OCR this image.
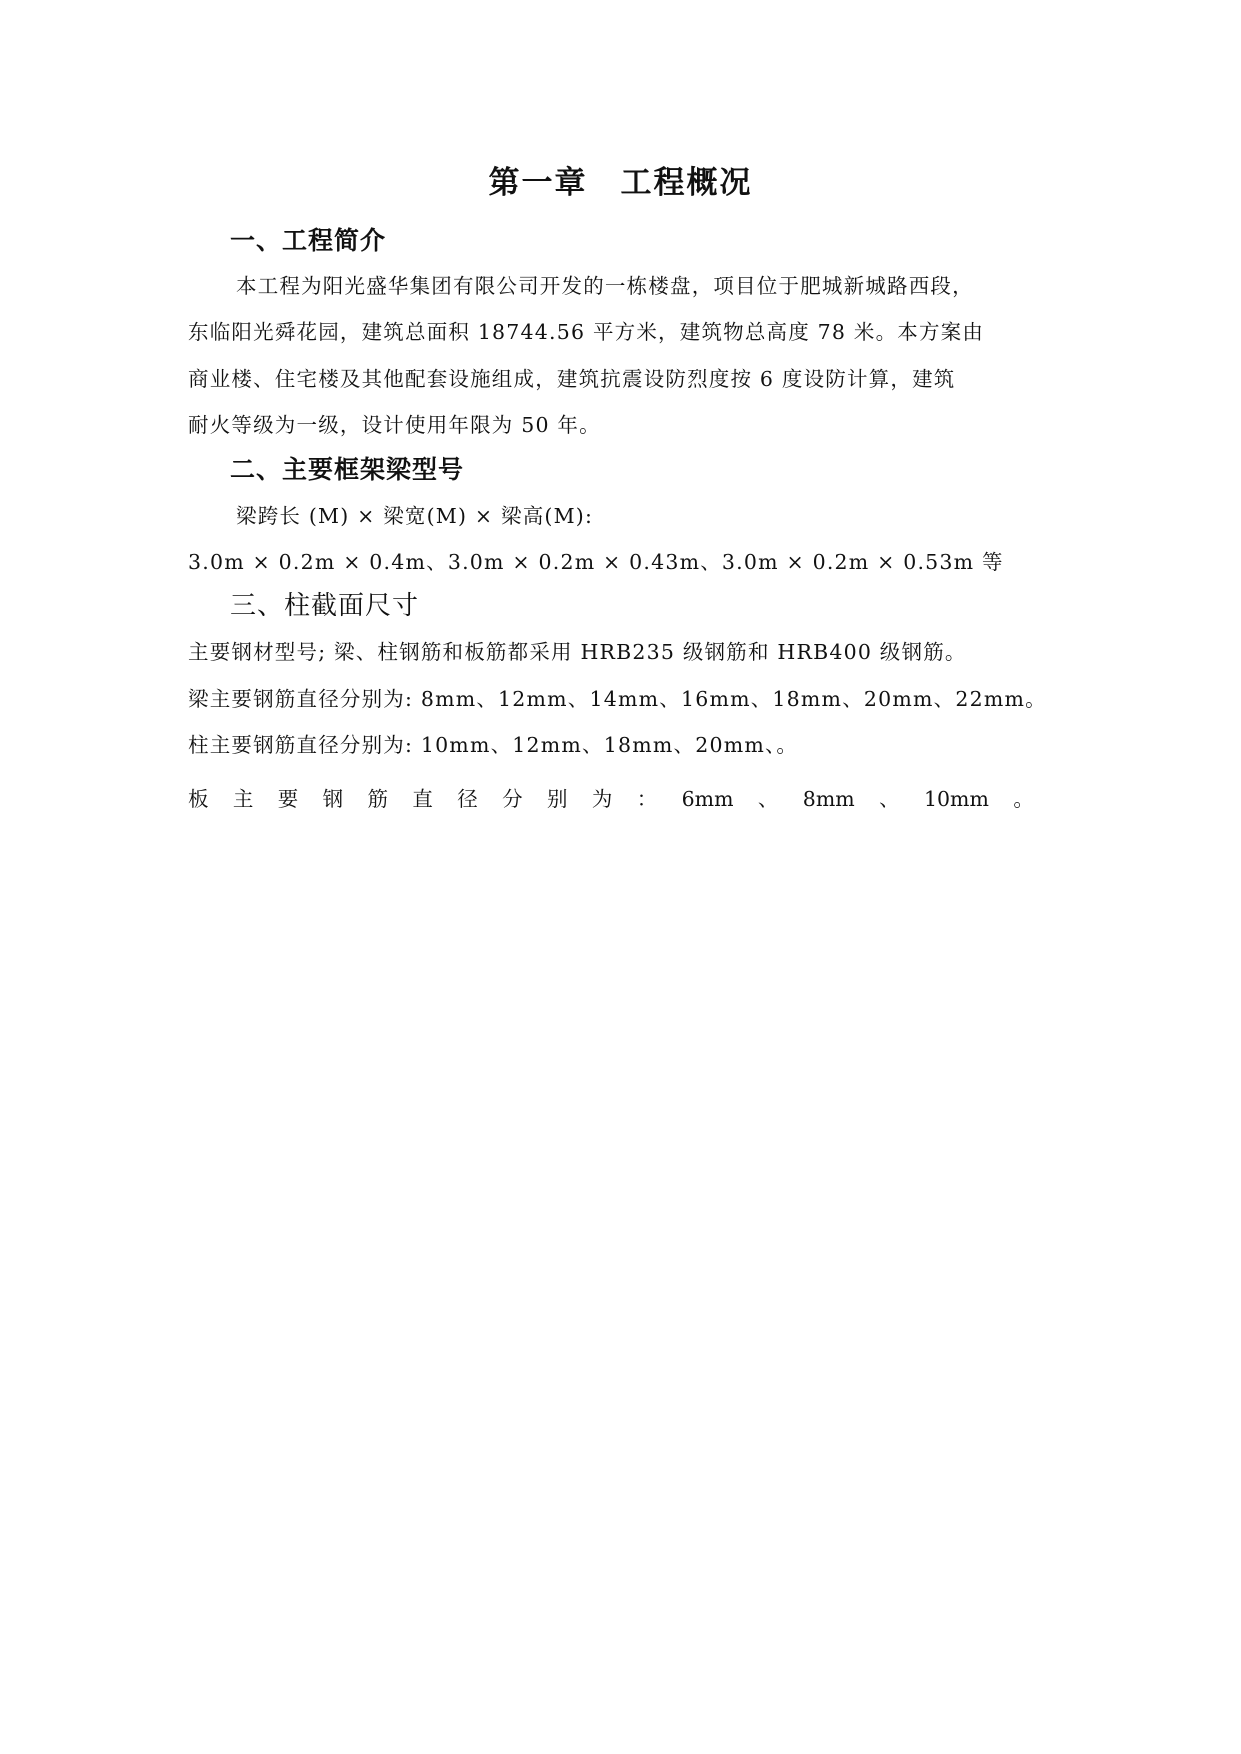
第一章　工程概况
一、工程简介
本工程为阳光盛华集团有限公司开发的一栋楼盘，项目位于肥城新城路西段，
东临阳光舜花园，建筑总面积 18744.56 平方米，建筑物总高度 78 米。本方案由
商业楼、住宅楼及其他配套设施组成，建筑抗震设防烈度按 6 度设防计算，建筑
耐火等级为一级，设计使用年限为 50 年。
二、主要框架梁型号
梁跨长 (M) × 梁宽(M) × 梁高(M):
3.0m × 0.2m × 0.4m、3.0m × 0.2m × 0.43m、3.0m × 0.2m × 0.53m 等
三、柱截面尺寸
主要钢材型号; 梁、柱钢筋和板筋都采用 HRB235 级钢筋和 HRB400 级钢筋。
梁主要钢筋直径分别为: 8mm、12mm、14mm、16mm、18mm、20mm、22mm。
柱主要钢筋直径分别为: 10mm、12mm、18mm、20mm、。
板 主 要 钢 筋 直 径 分 别 为 ： 6mm 、 8mm 、 10mm 。
